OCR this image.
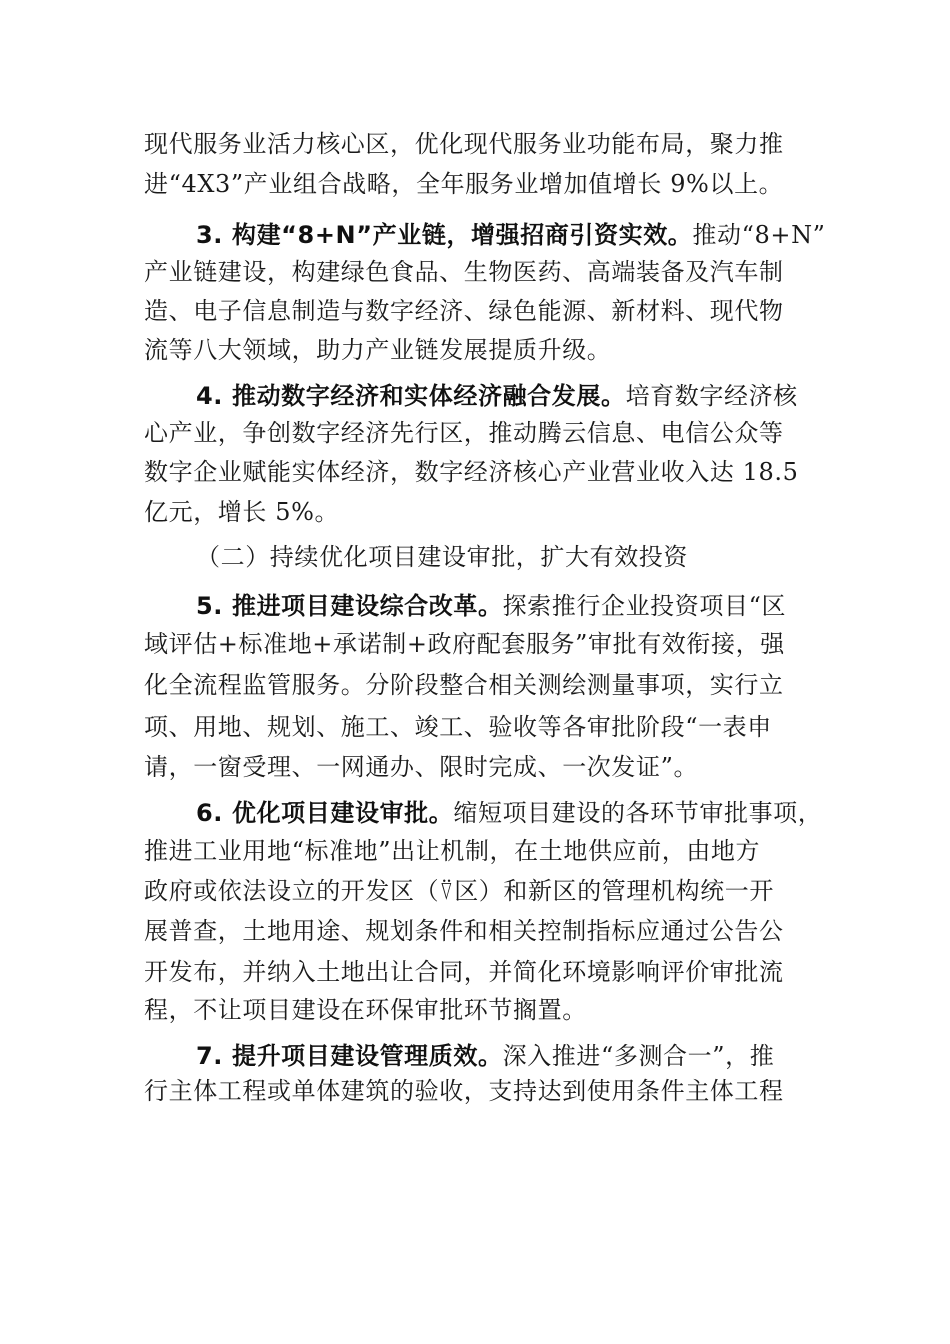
现代服务业活力核心区，优化现代服务业功能布局，聚力推
进“4X3”产业组合战略，全年服务业增加值增长 9%以上。
3. 构建“8+N”产业链，增强招商引资实效。推动“8+N”
产业链建设，构建绿色食品、生物医药、高端装备及汽车制
造、电子信息制造与数字经济、绿色能源、新材料、现代物
流等八大领域，助力产业链发展提质升级。
4. 推动数字经济和实体经济融合发展。培育数字经济核
心产业，争创数字经济先行区，推动腾云信息、电信公众等
数字企业赋能实体经济，数字经济核心产业营业收入达 18.5
亿元，增长 5%。
（二）持续优化项目建设审批，扩大有效投资
5. 推进项目建设综合改革。探索推行企业投资项目“区
域评估+标准地+承诺制+政府配套服务”审批有效衔接，强
化全流程监管服务。分阶段整合相关测绘测量事项，实行立
项、用地、规划、施工、竣工、验收等各审批阶段“一表申
请，一窗受理、一网通办、限时完成、一次发证”。
6. 优化项目建设审批。缩短项目建设的各环节审批事项，
推进工业用地“标准地”出让机制，在土地供应前，由地方
政府或依法设立的开发区（⍢区）和新区的管理机构统一开
展普查，土地用途、规划条件和相关控制指标应通过公告公
开发布，并纳入土地出让合同，并简化环境影响评价审批流
程，不让项目建设在环保审批环节搁置。
7. 提升项目建设管理质效。深入推进“多测合一”，推
行主体工程或单体建筑的验收，支持达到使用条件主体工程
